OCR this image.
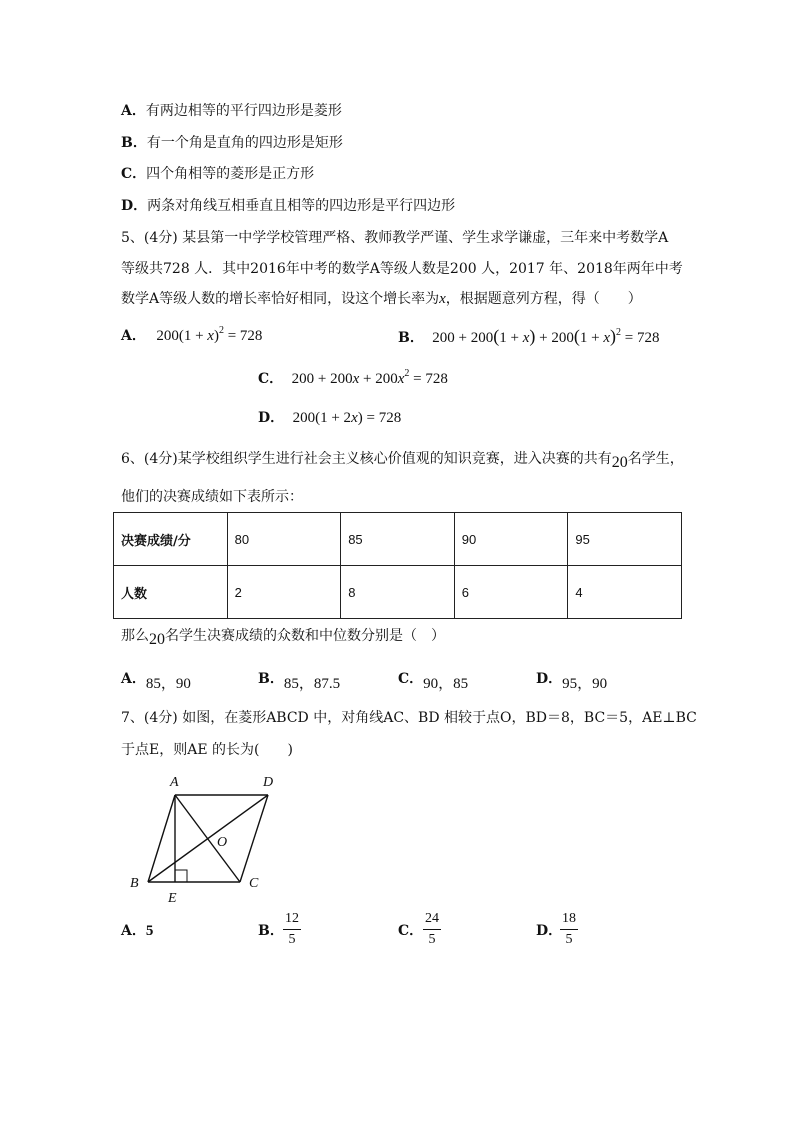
A．有两边相等的平行四边形是菱形
B．有一个角是直角的四边形是矩形
C．四个角相等的菱形是正方形
D．两条对角线互相垂直且相等的四边形是平行四边形
5、(4分) 某县第一中学学校管理严格、教师教学严谨、学生求学谦虚，三年来中考数学A
等级共728 人．其中2016年中考的数学A等级人数是200 人，2017 年、2018年两年中考
数学A等级人数的增长率恰好相同，设这个增长率为x，根据题意列方程，得（　　）
A． $200(1 + x)^2 = 728$	B． $200 + 200(1 + x) + 200(1 + x)^2 = 728$
C． $200 + 200x + 200x^2 = 728$
D． 200(1 + 2x) = 728
6、(4分)某学校组织学生进行社会主义核心价值观的知识竞赛，进入决赛的共有20名学生，
他们的决赛成绩如下表所示：
决赛成绩/分	80	85	90	95
人数	2	8	6	4
那么20名学生决赛成绩的众数和中位数分别是（　）
A．85，90	B．85，87.5	C．90，85	D．95，90
7、(4分) 如图，在菱形ABCD 中，对角线AC、BD 相较于点O，BD＝8，BC＝5，AE⊥BC
于点E，则AE 的长为(　　)
A	D
O
B	C
E
A．5	B．
12
5
C．
24
5
D．
18
5
